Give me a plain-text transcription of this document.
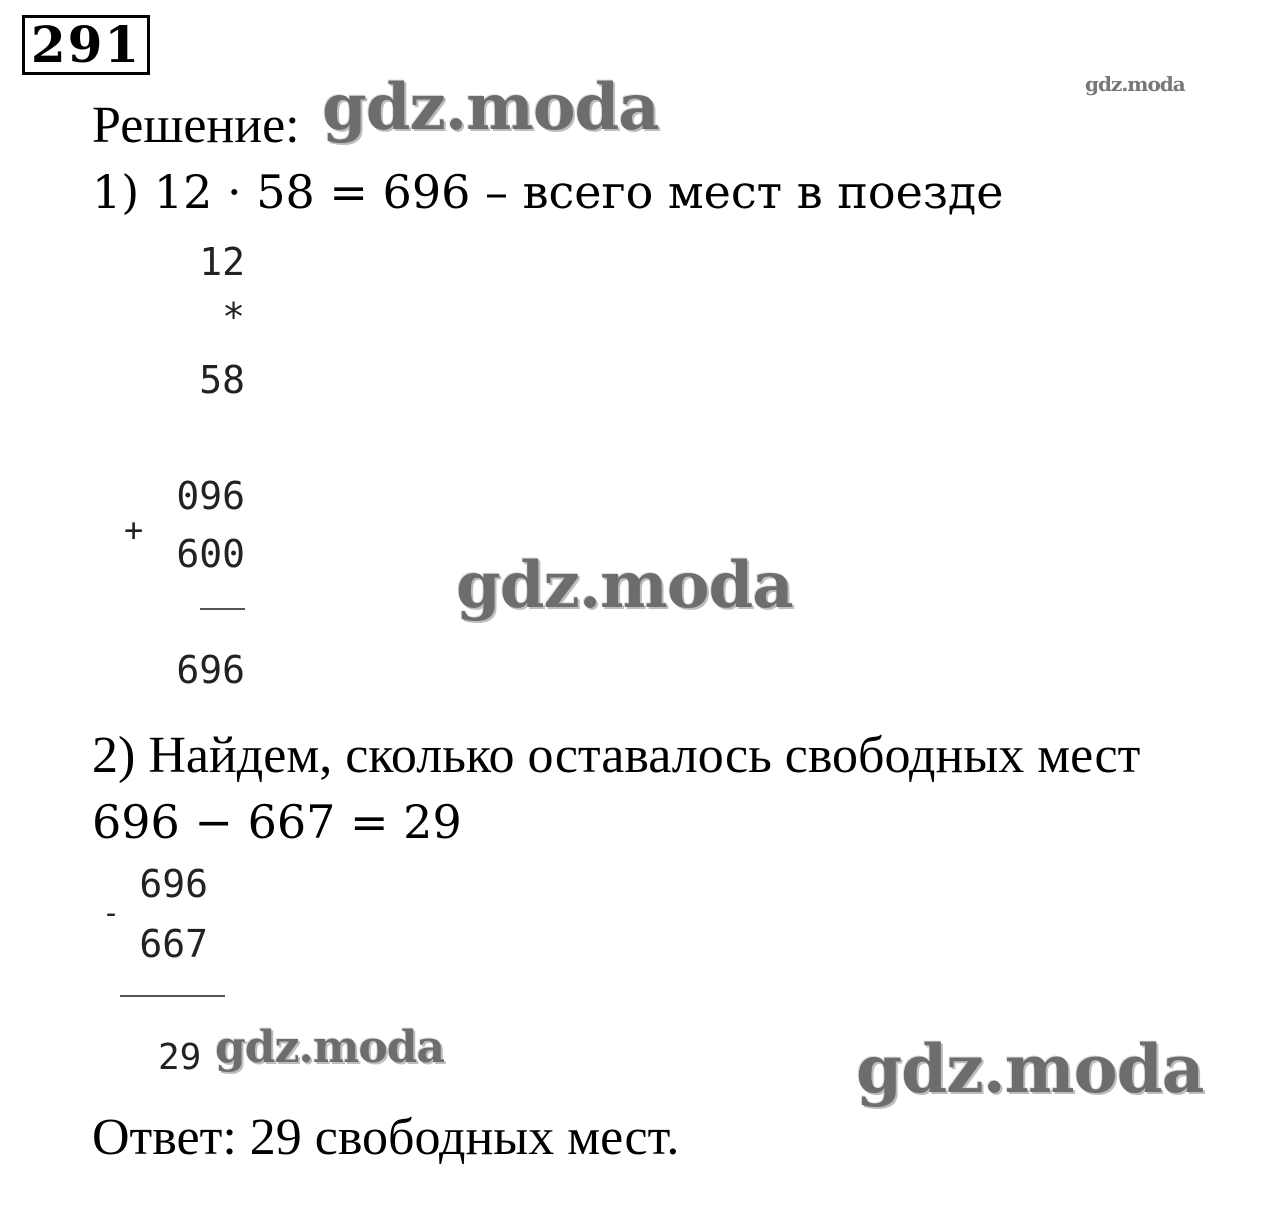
291
gdz.moda
gdz.moda
gdz.moda
gdz.moda	gdz.moda
Решение:
1) 12 · 58 = 696 – всего мест в поезде
12
*
58
+
096
600
696
2) Найдем, сколько оставалось свободных мест
696 − 667 = 29
-
696
667
29
Ответ: 29 свободных мест.
